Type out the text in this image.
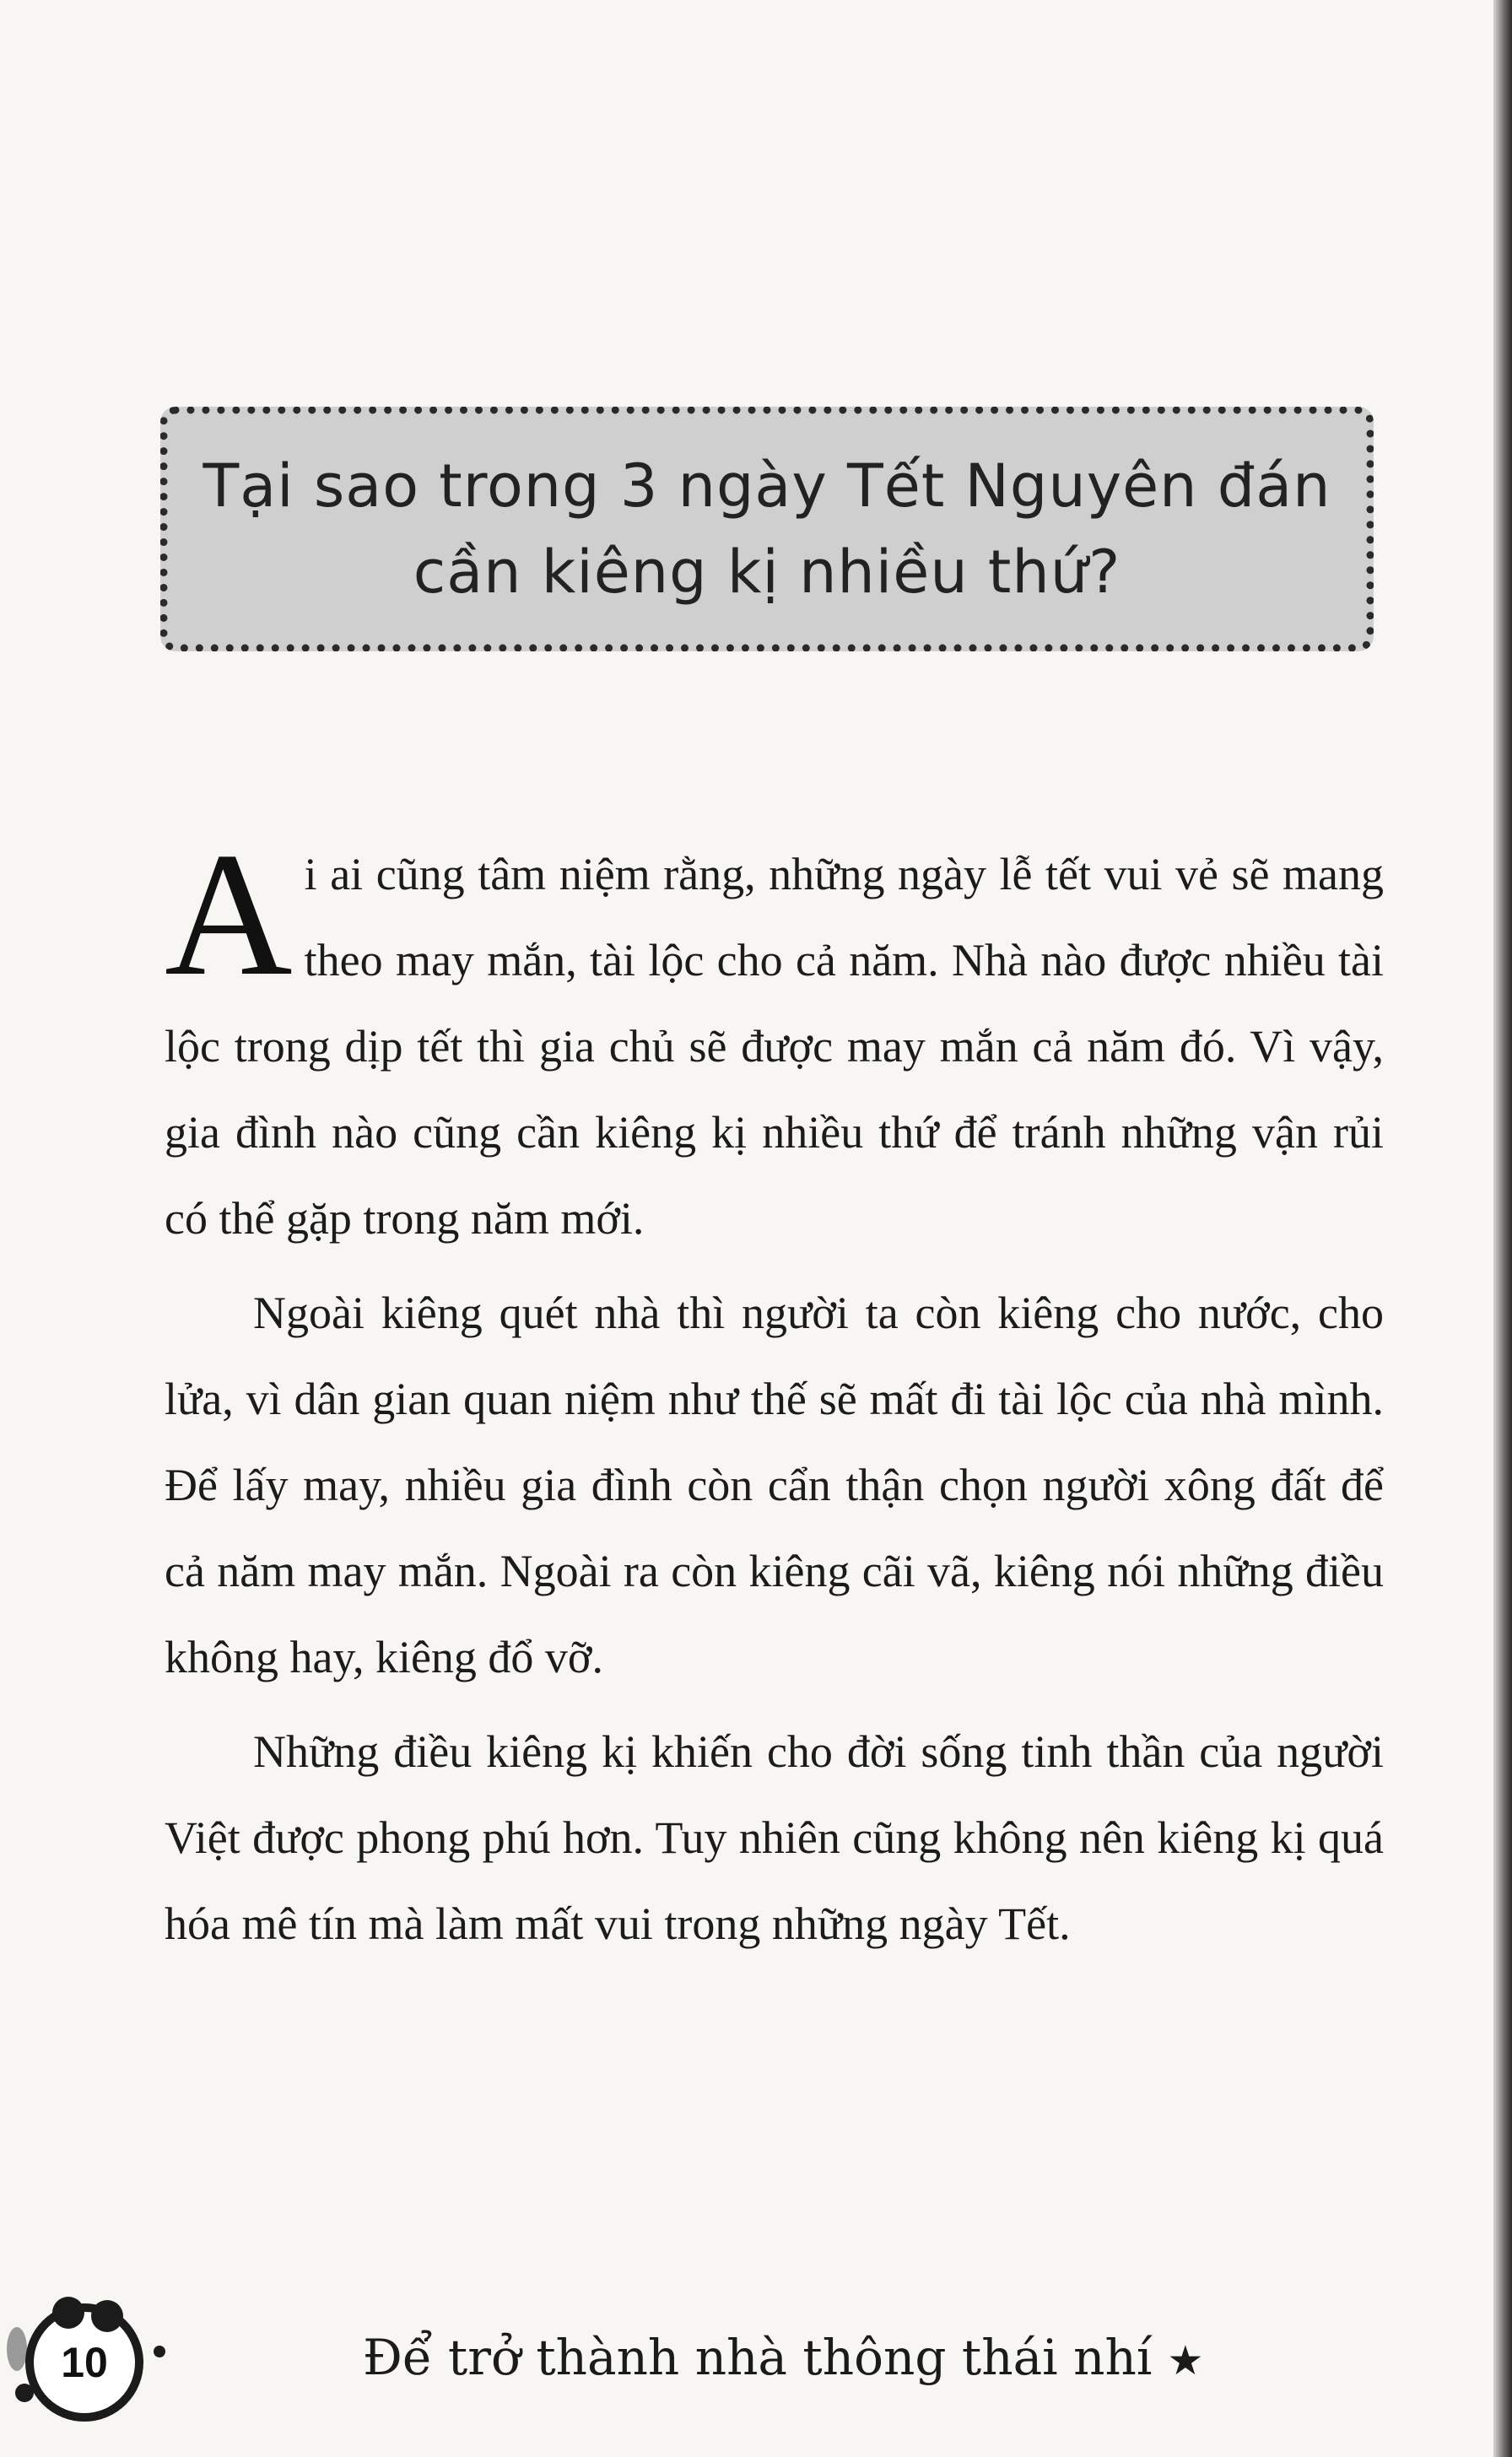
Tại sao trong 3 ngày Tết Nguyên đán
cần kiêng kị nhiều thứ?

Ai ai cũng tâm niệm rằng, những ngày lễ tết vui vẻ sẽ mang theo may mắn, tài lộc cho cả năm. Nhà nào được nhiều tài lộc trong dịp tết thì gia chủ sẽ được may mắn cả năm đó. Vì vậy, gia đình nào cũng cần kiêng kị nhiều thứ để tránh những vận rủi có thể gặp trong năm mới.

Ngoài kiêng quét nhà thì người ta còn kiêng cho nước, cho lửa, vì dân gian quan niệm như thế sẽ mất đi tài lộc của nhà mình. Để lấy may, nhiều gia đình còn cẩn thận chọn người xông đất để cả năm may mắn. Ngoài ra còn kiêng cãi vã, kiêng nói những điều không hay, kiêng đổ vỡ.

Những điều kiêng kị khiến cho đời sống tinh thần của người Việt được phong phú hơn. Tuy nhiên cũng không nên kiêng kị quá hóa mê tín mà làm mất vui trong những ngày Tết.

10	Để trở thành nhà thông thái nhí ★
